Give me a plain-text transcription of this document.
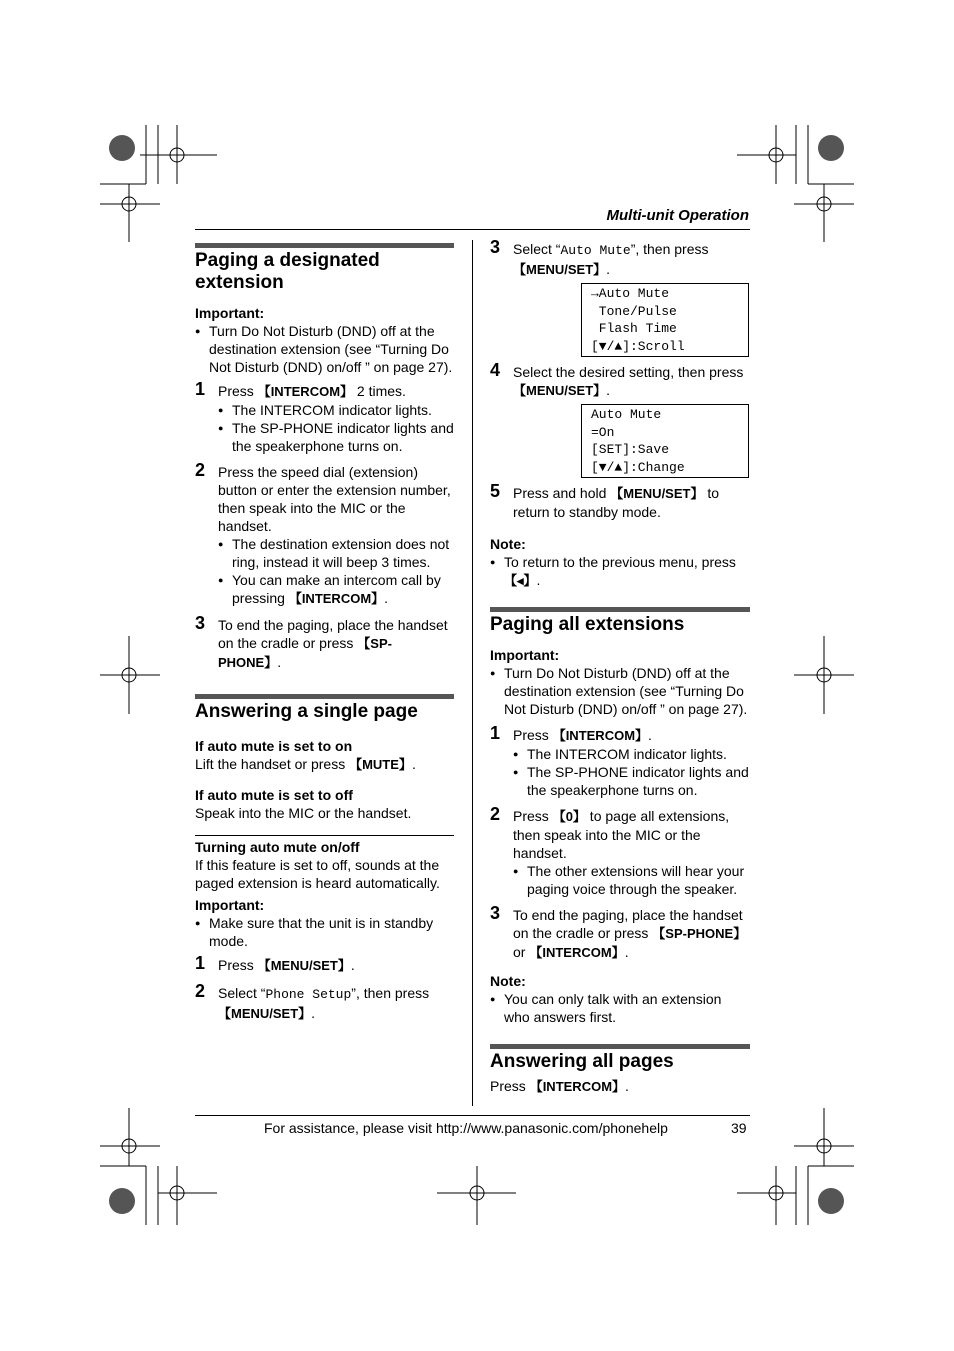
Multi-unit Operation
Paging a designated extension
Important:
● Turn Do Not Disturb (DND) off at the destination extension (see “Turning Do Not Disturb (DND) on/off ” on page 27).
1 Press 【INTERCOM】 2 times.
● The INTERCOM indicator lights.
● The SP-PHONE indicator lights and the speakerphone turns on.
2 Press the speed dial (extension) button or enter the extension number, then speak into the MIC or the handset.
● The destination extension does not ring, instead it will beep 3 times.
● You can make an intercom call by pressing 【INTERCOM】.
3 To end the paging, place the handset on the cradle or press 【SP-PHONE】.
Answering a single page
If auto mute is set to on
Lift the handset or press 【MUTE】.
If auto mute is set to off
Speak into the MIC or the handset.
Turning auto mute on/off
If this feature is set to off, sounds at the paged extension is heard automatically.
Important:
● Make sure that the unit is in standby mode.
1 Press 【MENU/SET】.
2 Select “Phone Setup”, then press 【MENU/SET】.
3 Select “Auto Mute”, then press 【MENU/SET】.
→Auto Mute
Tone/Pulse
Flash Time
[▼/▲]:Scroll
4 Select the desired setting, then press 【MENU/SET】.
Auto Mute
=On
[SET]:Save
[▼/▲]:Change
5 Press and hold 【MENU/SET】 to return to standby mode.
Note:
● To return to the previous menu, press 【◂】.
Paging all extensions
Important:
● Turn Do Not Disturb (DND) off at the destination extension (see “Turning Do Not Disturb (DND) on/off ” on page 27).
1 Press 【INTERCOM】.
● The INTERCOM indicator lights.
● The SP-PHONE indicator lights and the speakerphone turns on.
2 Press 【0】 to page all extensions, then speak into the MIC or the handset.
● The other extensions will hear your paging voice through the speaker.
3 To end the paging, place the handset on the cradle or press 【SP-PHONE】 or 【INTERCOM】.
Note:
● You can only talk with an extension who answers first.
Answering all pages
Press 【INTERCOM】.
For assistance, please visit http://www.panasonic.com/phonehelp	39
